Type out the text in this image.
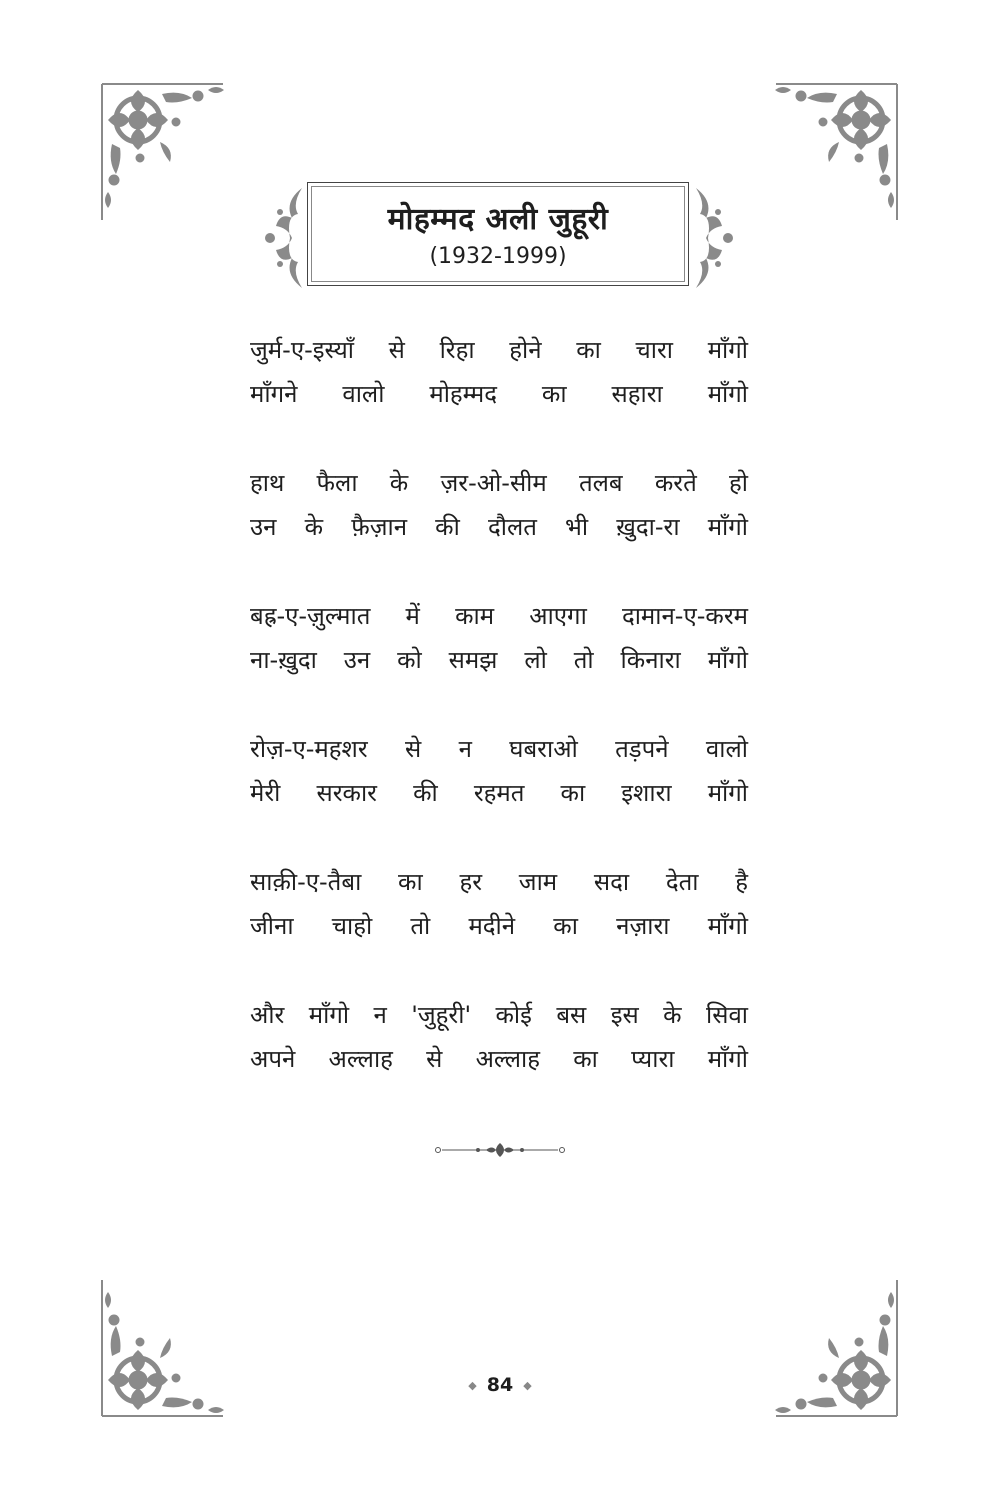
मोहम्मद अली जुहूरी
(1932-1999)
जुर्म-ए-इस्याँ से रिहा होने का चारा माँगो
माँगने वालो मोहम्मद का सहारा माँगो
हाथ फैला के ज़र-ओ-सीम तलब करते हो
उन के फ़ैज़ान की दौलत भी ख़ुदा-रा माँगो
बह्र-ए-ज़ुल्मात में काम आएगा दामान-ए-करम
ना-ख़ुदा उन को समझ लो तो किनारा माँगो
रोज़-ए-महशर से न घबराओ तड़पने वालो
मेरी सरकार की रहमत का इशारा माँगो
साक़ी-ए-तैबा का हर जाम सदा देता है
जीना चाहो तो मदीने का नज़ारा माँगो
और माँगो न 'जुहूरी' कोई बस इस के सिवा
अपने अल्लाह से अल्लाह का प्यारा माँगो
◆ 84 ◆
